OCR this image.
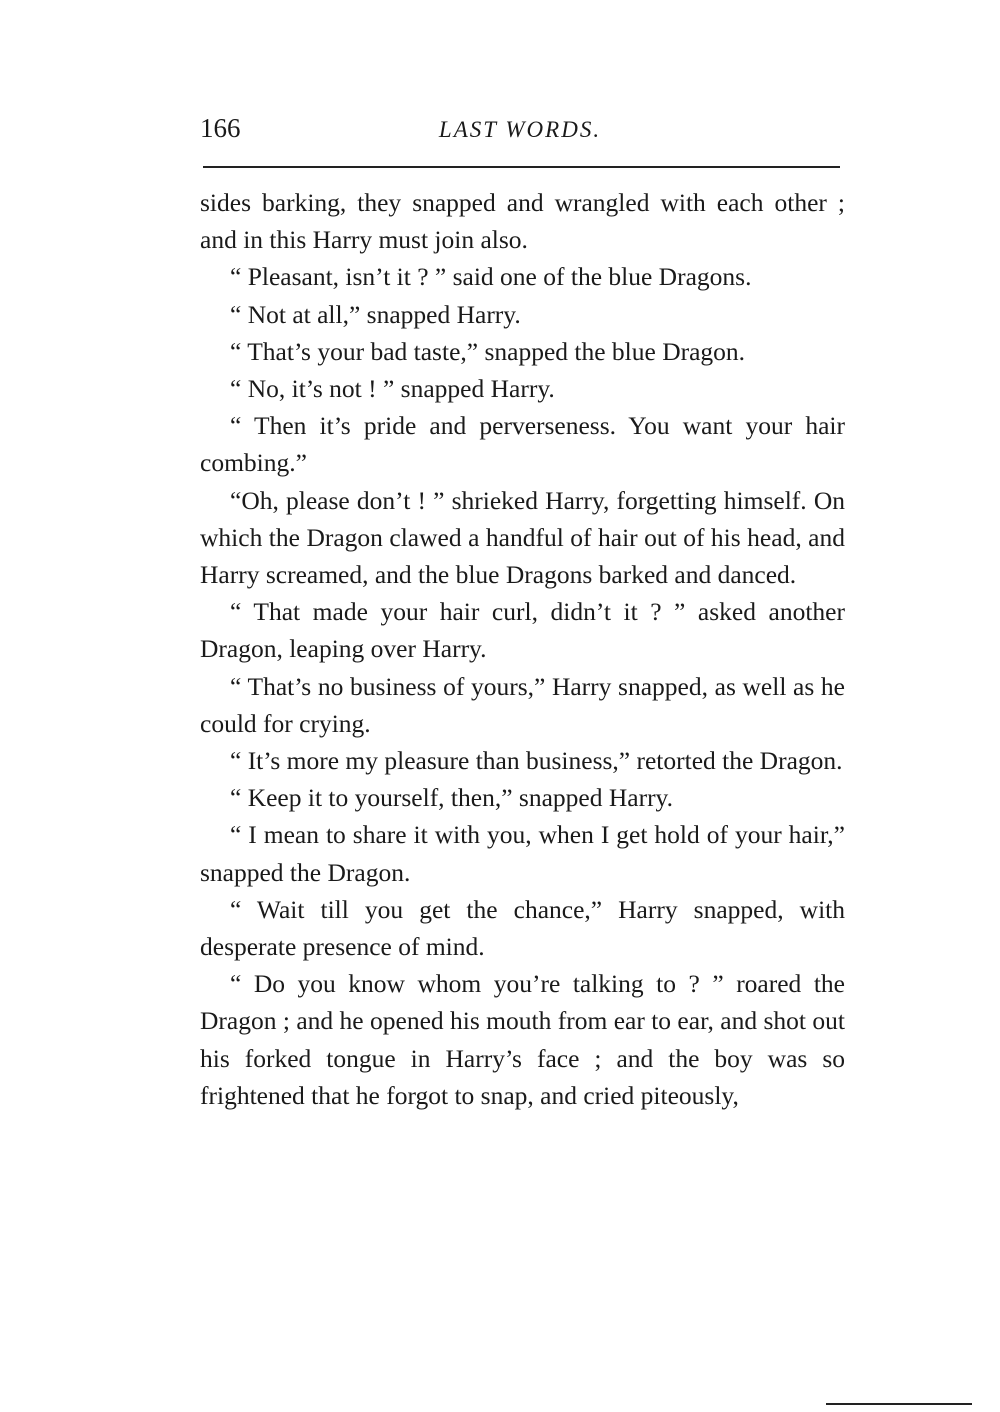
166	LAST WORDS.

sides barking, they snapped and wrangled with each other ; and in this Harry must join also.

“ Pleasant, isn’t it ? ” said one of the blue Dragons.

“ Not at all,” snapped Harry.

“ That’s your bad taste,” snapped the blue Dragon.

“ No, it’s not ! ” snapped Harry.

“ Then it’s pride and perverseness. You want your hair combing.”

“Oh, please don’t ! ” shrieked Harry, forgetting himself. On which the Dragon clawed a handful of hair out of his head, and Harry screamed, and the blue Dragons barked and danced.

“ That made your hair curl, didn’t it ? ” asked another Dragon, leaping over Harry.

“ That’s no business of yours,” Harry snapped, as well as he could for crying.

“ It’s more my pleasure than business,” retorted the Dragon.

“ Keep it to yourself, then,” snapped Harry.

“ I mean to share it with you, when I get hold of your hair,” snapped the Dragon.

“ Wait till you get the chance,” Harry snapped, with desperate presence of mind.

“ Do you know whom you’re talking to ? ” roared the Dragon ; and he opened his mouth from ear to ear, and shot out his forked tongue in Harry’s face ; and the boy was so frightened that he forgot to snap, and cried piteously,
